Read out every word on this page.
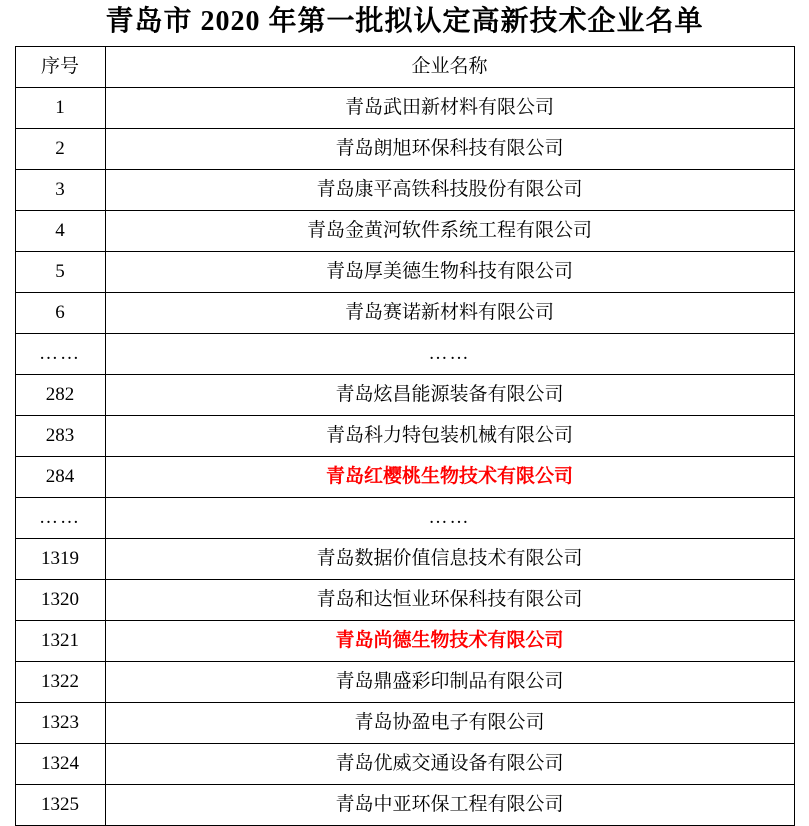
青岛市 2020 年第一批拟认定高新技术企业名单
序号	企业名称
1	青岛武田新材料有限公司
2	青岛朗旭环保科技有限公司
3	青岛康平高铁科技股份有限公司
4	青岛金黄河软件系统工程有限公司
5	青岛厚美德生物科技有限公司
6	青岛赛诺新材料有限公司
……	……
282	青岛炫昌能源装备有限公司
283	青岛科力特包装机械有限公司
284	青岛红樱桃生物技术有限公司
……	……
1319	青岛数据价值信息技术有限公司
1320	青岛和达恒业环保科技有限公司
1321	青岛尚德生物技术有限公司
1322	青岛鼎盛彩印制品有限公司
1323	青岛协盈电子有限公司
1324	青岛优威交通设备有限公司
1325	青岛中亚环保工程有限公司
